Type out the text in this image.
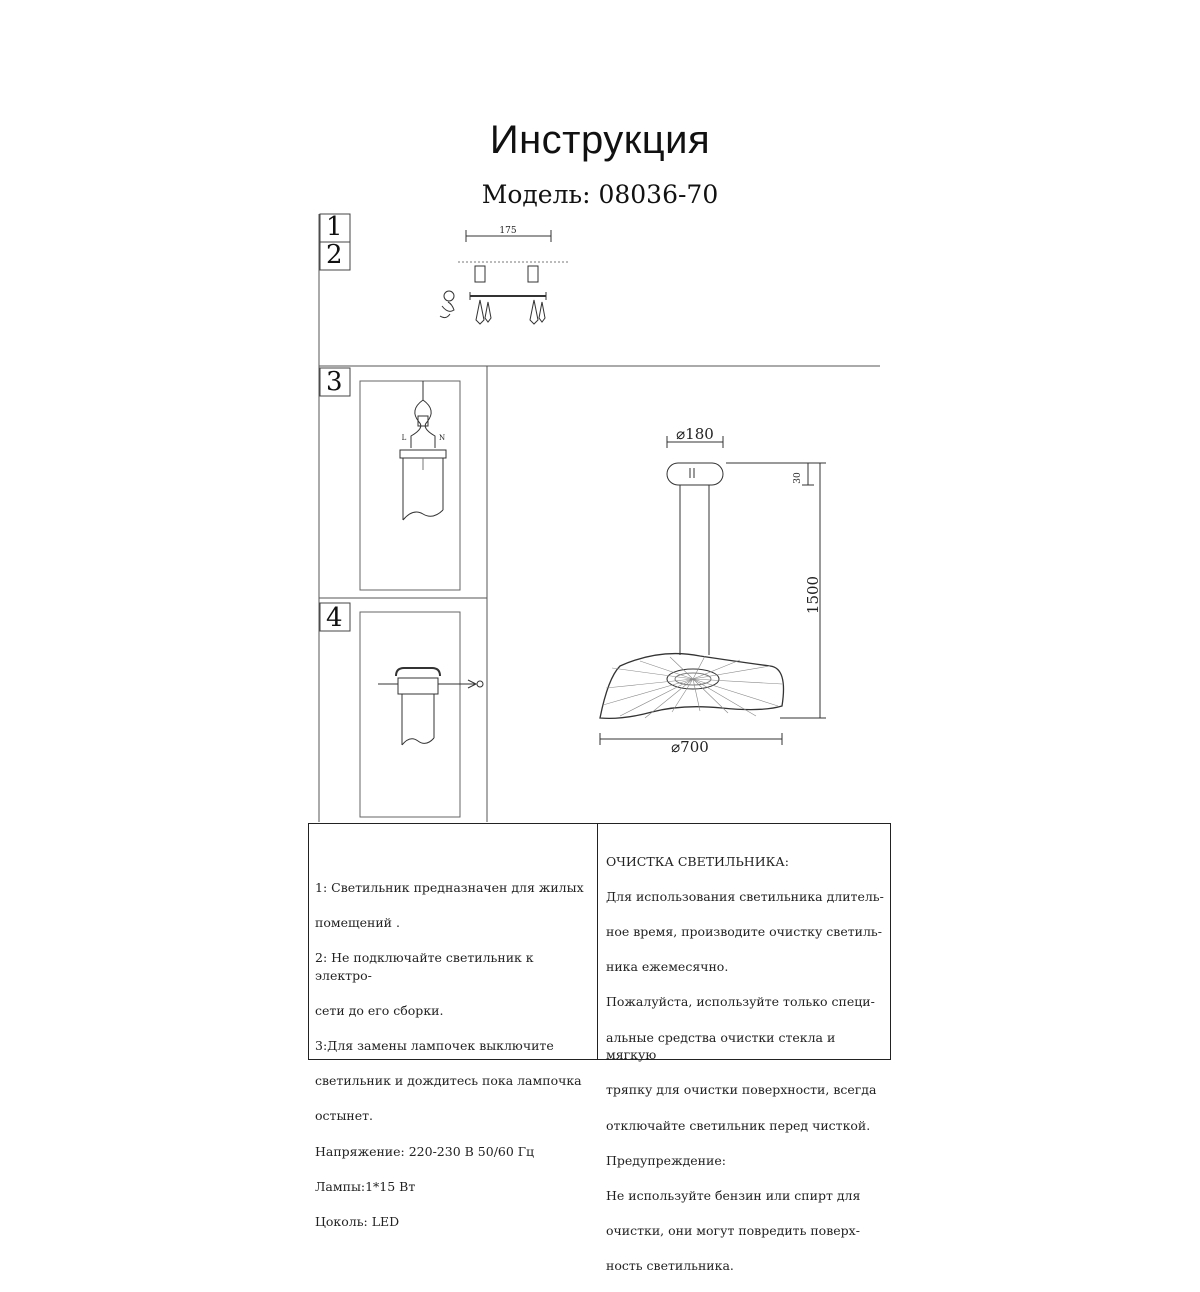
Инструкция
Модель: 08036-70
175
⌀180
⌀700
1500
30
L	N
1
2
3
4

1: Светильник предназначен для жилых

помещений .

2: Не подключайте светильник к электро-

сети до его сборки.

3:Для замены лампочек выключите

светильник и дождитесь пока лампочка

остынет.

Напряжение: 220-230 В 50/60 Гц

Лампы:1*15 Вт

Цоколь: LED

ОЧИСТКА СВЕТИЛЬНИКА:

Для использования светильника длитель-

ное время, производите очистку светиль-

ника ежемесячно.

Пожалуйста, используйте только специ-

альные средства очистки стекла и мягкую

тряпку для очистки поверхности, всегда

отключайте светильник перед чисткой.

Предупреждение:

Не используйте бензин или спирт для

очистки, они могут повредить поверх-

ность светильника.
